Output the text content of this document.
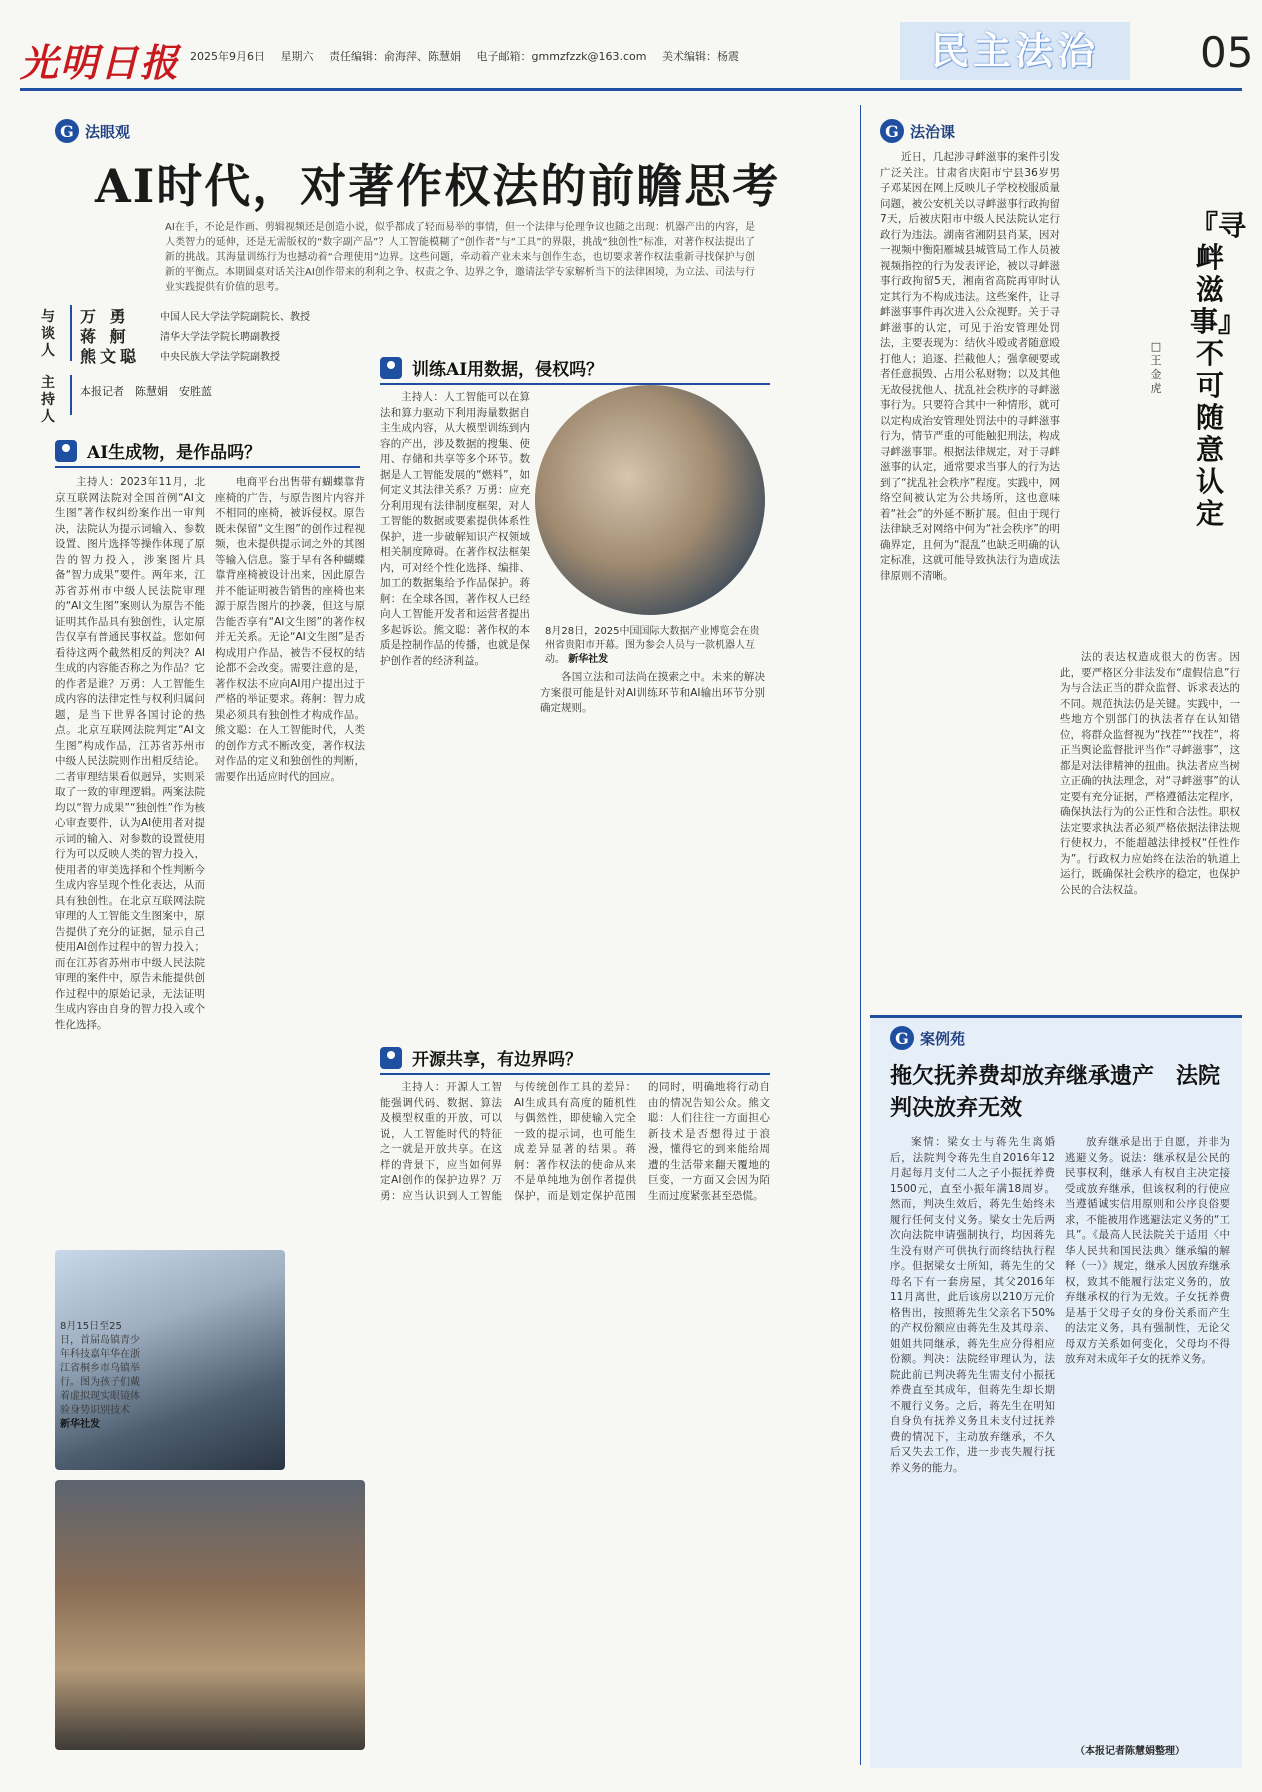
光明日报 2025年9月6日 星期六 责任编辑：俞海萍、陈慧娟 电子邮箱：gmmzfzzk@163.com 美术编辑：杨震	民主法治	05
G 法眼观
AI时代，对著作权法的前瞻思考
AI在手，不论是作画、剪辑视频还是创造小说，似乎都成了轻而易举的事情，但一个法律与伦理争议也随之出现：机器产出的内容，是人类智力的延伸，还是无需版权的“数字副产品”？人工智能模糊了“创作者”与“工具”的界限，挑战“独创性”标准，对著作权法提出了新的挑战。其海量训练行为也撼动着“合理使用”边界。这些问题，牵动着产业未来与创作生态，也切要求著作权法重新寻找保护与创新的平衡点。本期圆桌对话关注AI创作带来的利利之争、权责之争、边界之争，邀请法学专家解析当下的法律困境，为立法、司法与行业实践提供有价值的思考。
与谈人
万 勇	中国人民大学法学院副院长、教授
蒋 舸	清华大学法学院长聘副教授
熊文聪	中央民族大学法学院副教授
主持人
本报记者　陈慧娟　安胜蓝
AI生成物，是作品吗？

主持人：2023年11月，北京互联网法院对全国首例“AI文生图”著作权纠纷案作出一审判决，法院认为提示词输入、参数设置、图片选择等操作体现了原告的智力投入，涉案图片具备“智力成果”要件。两年来，江苏省苏州市中级人民法院审理的“AI文生图”案则认为原告不能证明其作品具有独创性，认定原告仅享有普通民事权益。您如何看待这两个截然相反的判决？AI生成的内容能否称之为作品？它的作者是谁？万勇：人工智能生成内容的法律定性与权利归属问题，是当下世界各国讨论的热点。北京互联网法院判定“AI文生图”构成作品，江苏省苏州市中级人民法院则作出相反结论。二者审理结果看似迥异，实则采取了一致的审理逻辑。两案法院均以“智力成果”“独创性”作为核心审查要件，认为AI使用者对提示词的输入、对参数的设置使用行为可以反映人类的智力投入，使用者的审美选择和个性判断今生成内容呈现个性化表达，从而具有独创性。在北京互联网法院审理的人工智能文生图案中，原告提供了充分的证据，显示自己使用AI创作过程中的智力投入；而在江苏省苏州市中级人民法院审理的案件中，原告未能提供创作过程中的原始记录，无法证明生成内容由自身的智力投入或个性化选择。

电商平台出售带有蝴蝶靠背座椅的广告，与原告图片内容并不相同的座椅，被诉侵权。原告既未保留“文生图”的创作过程视频，也未提供提示词之外的其图等输入信息。鉴于早有各种蝴蝶靠背座椅被设计出来，因此原告并不能证明被告销售的座椅也来源于原告图片的抄袭，但这与原告能否享有“AI文生图”的著作权并无关系。无论“AI文生图”是否构成用户作品，被告不侵权的结论都不会改变。需要注意的是，著作权法不应向AI用户提出过于严格的举证要求。蒋舸：智力成果必须具有独创性才构成作品。熊文聪：在人工智能时代，人类的创作方式不断改变，著作权法对作品的定义和独创性的判断，需要作出适应时代的回应。

8月15日至25日，首届岛镇青少年科技嘉年华在浙江省桐乡市乌镇举行。图为孩子们戴着虚拟现实眼镜体验身势识别技术 新华社发
训练AI用数据，侵权吗？

主持人：人工智能可以在算法和算力驱动下利用海量数据自主生成内容，从大模型训练到内容的产出，涉及数据的搜集、使用、存储和共享等多个环节。数据是人工智能发展的“燃料”，如何定义其法律关系？万勇：应充分利用现有法律制度框架，对人工智能的数据或要素提供体系性保护，进一步破解知识产权领域相关制度障碍。在著作权法框架内，可对经个性化选择、编排、加工的数据集给予作品保护。蒋舸：在全球各国，著作权人已经向人工智能开发者和运营者提出多起诉讼。熊文聪：著作权的本质是控制作品的传播，也就是保护创作者的经济利益。

8月28日，2025中国国际大数据产业博览会在贵州省贵阳市开幕。图为参会人员与一款机器人互动。 新华社发

各国立法和司法尚在摸索之中。未来的解决方案很可能是针对AI训练环节和AI输出环节分别确定规则。

开源共享，有边界吗？

主持人：开源人工智能强调代码、数据、算法及模型权重的开放，可以说，人工智能时代的特征之一就是开放共享。在这样的背景下，应当如何界定AI创作的保护边界？万勇：应当认识到人工智能与传统创作工具的差异：AI生成具有高度的随机性与偶然性，即使输入完全一致的提示词，也可能生成差异显著的结果。蒋舸：著作权法的使命从来不是单纯地为创作者提供保护，而是划定保护范围的同时，明确地将行动自由的情况告知公众。熊文聪：人们往往一方面担心新技术是否想得过于浪漫，懂得它的到来能给周遭的生活带来翻天覆地的巨变，一方面又会因为陌生而过度紧张甚至恐慌。

G 法治课
『寻衅滋事』不可随意认定
□ 王金虎

近日，几起涉寻衅滋事的案件引发广泛关注。甘肃省庆阳市宁县36岁男子邓某因在网上反映儿子学校校服质量问题，被公安机关以寻衅滋事行政拘留7天，后被庆阳市中级人民法院认定行政行为违法。湖南省湘阴县肖某，因对一视频中衡阳雁城县城管局工作人员被视频指控的行为发表评论，被以寻衅滋事行政拘留5天，湘南省高院再审时认定其行为不构成违法。这些案件，让寻衅滋事事件再次进入公众视野。关于寻衅滋事的认定，可见于治安管理处罚法，主要表现为：结伙斗殴或者随意殴打他人；追逐、拦截他人；强拿硬要或者任意损毁、占用公私财物；以及其他无故侵扰他人、扰乱社会秩序的寻衅滋事行为。只要符合其中一种情形，就可以定构成治安管理处罚法中的寻衅滋事行为，情节严重的可能触犯刑法，构成寻衅滋事罪。根据法律规定，对于寻衅滋事的认定，通常要求当事人的行为达到了“扰乱社会秩序”程度。实践中，网络空间被认定为公共场所，这也意味着“社会”的外延不断扩展。但由于现行法律缺乏对网络中何为“社会秩序”的明确界定，且何为“混乱”也缺乏明确的认定标准，这就可能导致执法行为造成法律原则不清晰。

法的表达权造成很大的伤害。因此，要严格区分非法发布“虚假信息”行为与合法正当的群众监督、诉求表达的不同。规范执法仍是关键。实践中，一些地方个别部门的执法者存在认知错位，将群众监督视为“找茬”“找茬”，将正当舆论监督批评当作“寻衅滋事”，这都是对法律精神的扭曲。执法者应当树立正确的执法理念，对“寻衅滋事”的认定要有充分证据，严格遵循法定程序，确保执法行为的公正性和合法性。职权法定要求执法者必须严格依据法律法规行使权力，不能超越法律授权“任性作为”。行政权力应始终在法治的轨道上运行，既确保社会秩序的稳定，也保护公民的合法权益。

G 案例苑
拖欠抚养费却放弃继承遗产　法院判决放弃无效

案情：梁女士与蒋先生离婚后，法院判令蒋先生自2016年12月起每月支付二人之子小振抚养费1500元，直至小振年满18周岁。然而，判决生效后，蒋先生始终未履行任何支付义务。梁女士先后两次向法院申请强制执行，均因蒋先生没有财产可供执行而终结执行程序。但据梁女士所知，蒋先生的父母名下有一套房屋，其父2016年11月离世，此后该房以210万元价格售出，按照蒋先生父亲名下50%的产权份额应由蒋先生及其母亲、姐姐共同继承，蒋先生应分得相应份额。判决：法院经审理认为，法院此前已判决蒋先生需支付小振抚养费直至其成年，但蒋先生却长期不履行义务。之后，蒋先生在明知自身负有抚养义务且未支付过抚养费的情况下，主动放弃继承，不久后又失去工作，进一步丧失履行抚养义务的能力。

放弃继承是出于自愿，并非为逃避义务。说法：继承权是公民的民事权利，继承人有权自主决定接受或放弃继承，但该权利的行使应当遵循诚实信用原则和公序良俗要求，不能被用作逃避法定义务的“工具”。《最高人民法院关于适用〈中华人民共和国民法典〉继承编的解释（一）》规定，继承人因放弃继承权，致其不能履行法定义务的，放弃继承权的行为无效。子女抚养费是基于父母子女的身份关系而产生的法定义务，具有强制性，无论父母双方关系如何变化，父母均不得放弃对未成年子女的抚养义务。

（本报记者陈慧娟整理）
